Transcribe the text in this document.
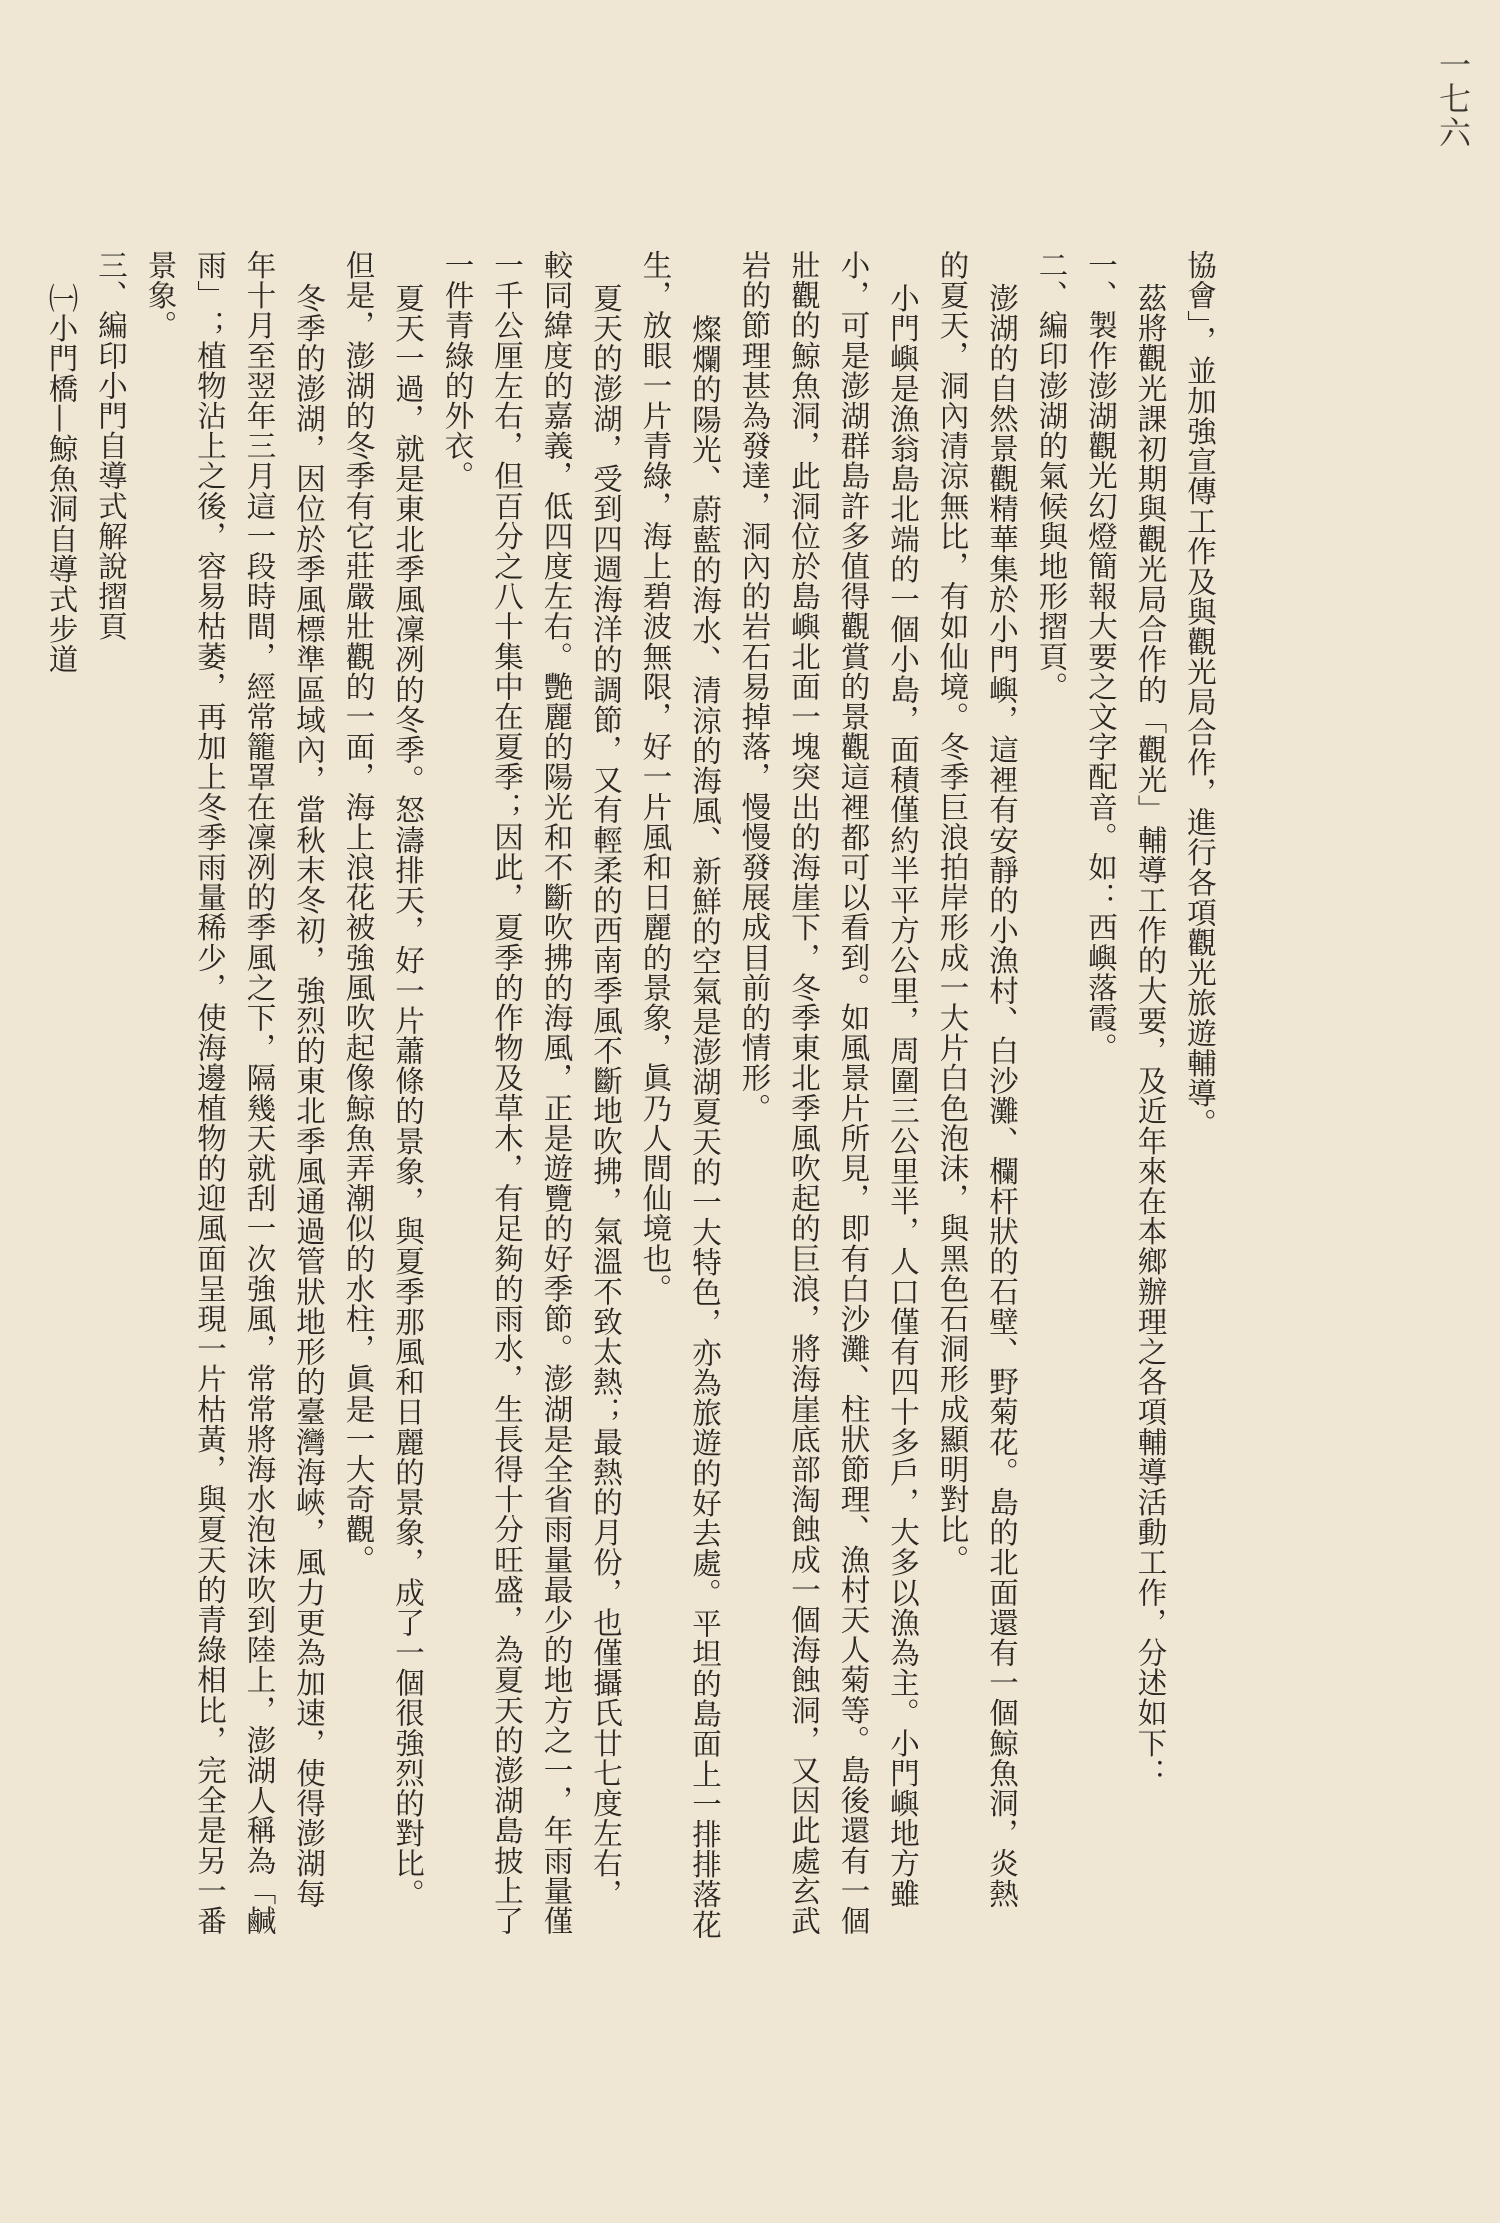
一七六
協會」，並加強宣傳工作及與觀光局合作，進行各項觀光旅遊輔導。
茲將觀光課初期與觀光局合作的「觀光」輔導工作的大要，及近年來在本鄉辦理之各項輔導活動工作，分述如下：
一、製作澎湖觀光幻燈簡報大要之文字配音。如：西嶼落霞。
二、編印澎湖的氣候與地形摺頁。
澎湖的自然景觀精華集於小門嶼，這裡有安靜的小漁村、白沙灘、欄杆狀的石壁、野菊花。島的北面還有一個鯨魚洞，炎熱
的夏天，洞內清涼無比，有如仙境。冬季巨浪拍岸形成一大片白色泡沫，與黑色石洞形成顯明對比。
小門嶼是漁翁島北端的一個小島，面積僅約半平方公里，周圍三公里半，人口僅有四十多戶，大多以漁為主。小門嶼地方雖
小，可是澎湖群島許多值得觀賞的景觀這裡都可以看到。如風景片所見，即有白沙灘、柱狀節理、漁村天人菊等。島後還有一個
壯觀的鯨魚洞，此洞位於島嶼北面一塊突出的海崖下，冬季東北季風吹起的巨浪，將海崖底部淘蝕成一個海蝕洞，又因此處玄武
岩的節理甚為發達，洞內的岩石易掉落，慢慢發展成目前的情形。
燦爛的陽光、蔚藍的海水、清涼的海風、新鮮的空氣是澎湖夏天的一大特色，亦為旅遊的好去處。平坦的島面上一排排落花
生，放眼一片青綠，海上碧波無限，好一片風和日麗的景象，眞乃人間仙境也。
夏天的澎湖，受到四週海洋的調節，又有輕柔的西南季風不斷地吹拂，氣溫不致太熱；最熱的月份，也僅攝氏廿七度左右，
較同緯度的嘉義，低四度左右。艷麗的陽光和不斷吹拂的海風，正是遊覽的好季節。澎湖是全省雨量最少的地方之一，年雨量僅
一千公厘左右，但百分之八十集中在夏季；因此，夏季的作物及草木，有足夠的雨水，生長得十分旺盛，為夏天的澎湖島披上了
一件青綠的外衣。
夏天一過，就是東北季風凜冽的冬季。怒濤排天，好一片蕭條的景象，與夏季那風和日麗的景象，成了一個很強烈的對比。
但是，澎湖的冬季有它莊嚴壯觀的一面，海上浪花被強風吹起像鯨魚弄潮似的水柱，眞是一大奇觀。
冬季的澎湖，因位於季風標準區域內，當秋末冬初，強烈的東北季風通過管狀地形的臺灣海峽，風力更為加速，使得澎湖每
年十月至翌年三月這一段時間，經常籠罩在凜冽的季風之下，隔幾天就刮一次強風，常常將海水泡沫吹到陸上，澎湖人稱為「鹹
雨」；植物沾上之後，容易枯萎，再加上冬季雨量稀少，使海邊植物的迎風面呈現一片枯黃，與夏天的青綠相比，完全是另一番
景象。
三、編印小門自導式解說摺頁
㈠小門橋—鯨魚洞自導式步道
